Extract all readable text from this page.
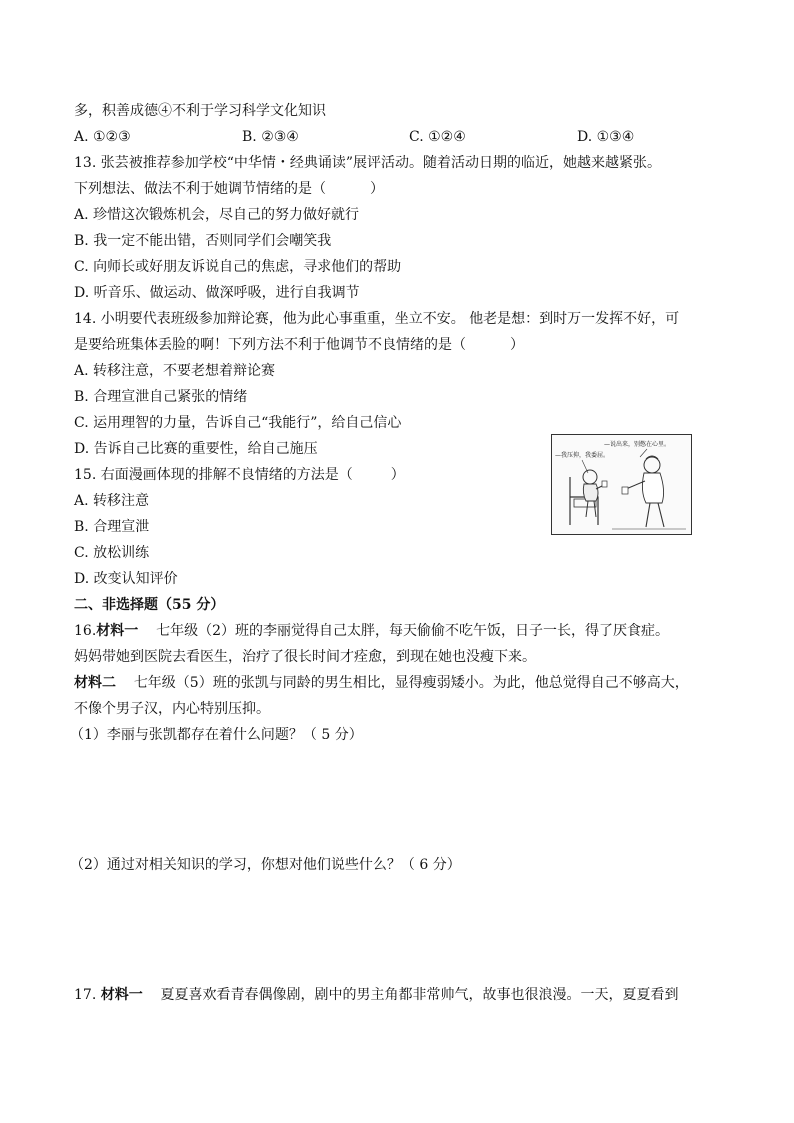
多，积善成德④不利于学习科学文化知识
A. ①②③	B. ②③④	C. ①②④	D. ①③④
13. 张芸被推荐参加学校“中华情・经典诵读”展评活动。随着活动日期的临近，她越来越紧张。
下列想法、做法不利于她调节情绪的是（	）
A. 珍惜这次锻炼机会，尽自己的努力做好就行
B. 我一定不能出错，否则同学们会嘲笑我
C. 向师长或好朋友诉说自己的焦虑，寻求他们的帮助
D. 听音乐、做运动、做深呼吸，进行自我调节
14. 小明要代表班级参加辩论赛，他为此心事重重，坐立不安。 他老是想：到时万一发挥不好，可
是要给班集体丢脸的啊！下列方法不利于他调节不良情绪的是（	）
A. 转移注意，不要老想着辩论赛
B. 合理宣泄自己紧张的情绪
C. 运用理智的力量，告诉自己“我能行”，给自己信心
D. 告诉自己比赛的重要性，给自己施压
15. 右面漫画体现的排解不良情绪的方法是（	）
A. 转移注意
B. 合理宣泄
C. 放松训练
D. 改变认知评价
—说出来，别憋在心里。
—我压抑，我委屈。
二、非选择题（55 分）
16.材料一 七年级（2）班的李丽觉得自己太胖，每天偷偷不吃午饭，日子一长，得了厌食症。
妈妈带她到医院去看医生，治疗了很长时间才痊愈，到现在她也没瘦下来。
材料二 七年级（5）班的张凯与同龄的男生相比，显得瘦弱矮小。为此，他总觉得自己不够高大，
不像个男子汉，内心特别压抑。
（1）李丽与张凯都存在着什么问题？（ 5 分）
（2）通过对相关知识的学习，你想对他们说些什么？（ 6 分）
17. 材料一 夏夏喜欢看青春偶像剧，剧中的男主角都非常帅气，故事也很浪漫。一天，夏夏看到
